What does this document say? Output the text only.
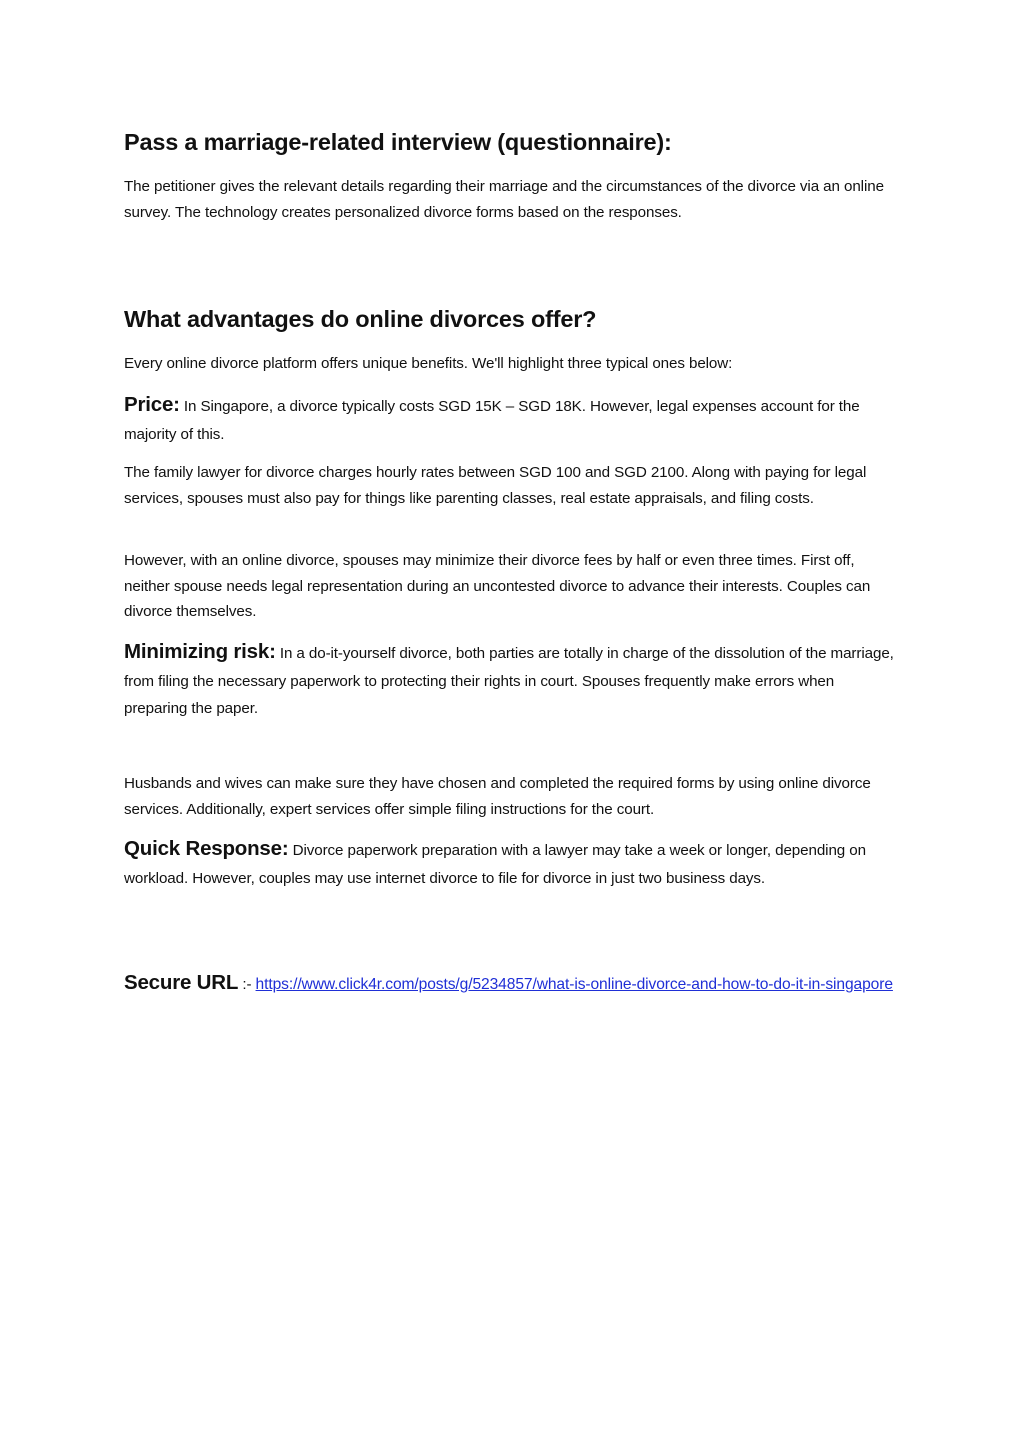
Pass a marriage-related interview (questionnaire):

The petitioner gives the relevant details regarding their marriage and the circumstances of the divorce via an online survey. The technology creates personalized divorce forms based on the responses.

What advantages do online divorces offer?

Every online divorce platform offers unique benefits. We'll highlight three typical ones below:

Price: In Singapore, a divorce typically costs SGD 15K – SGD 18K. However, legal expenses account for the majority of this.

The family lawyer for divorce charges hourly rates between SGD 100 and SGD 2100. Along with paying for legal services, spouses must also pay for things like parenting classes, real estate appraisals, and filing costs.

However, with an online divorce, spouses may minimize their divorce fees by half or even three times. First off, neither spouse needs legal representation during an uncontested divorce to advance their interests. Couples can divorce themselves.

Minimizing risk: In a do-it-yourself divorce, both parties are totally in charge of the dissolution of the marriage, from filing the necessary paperwork to protecting their rights in court. Spouses frequently make errors when preparing the paper.

Husbands and wives can make sure they have chosen and completed the required forms by using online divorce services. Additionally, expert services offer simple filing instructions for the court.

Quick Response: Divorce paperwork preparation with a lawyer may take a week or longer, depending on workload. However, couples may use internet divorce to file for divorce in just two business days.

Secure URL :- https://www.click4r.com/posts/g/5234857/what-is-online-divorce-and-how-to-do-it-in-singapore
